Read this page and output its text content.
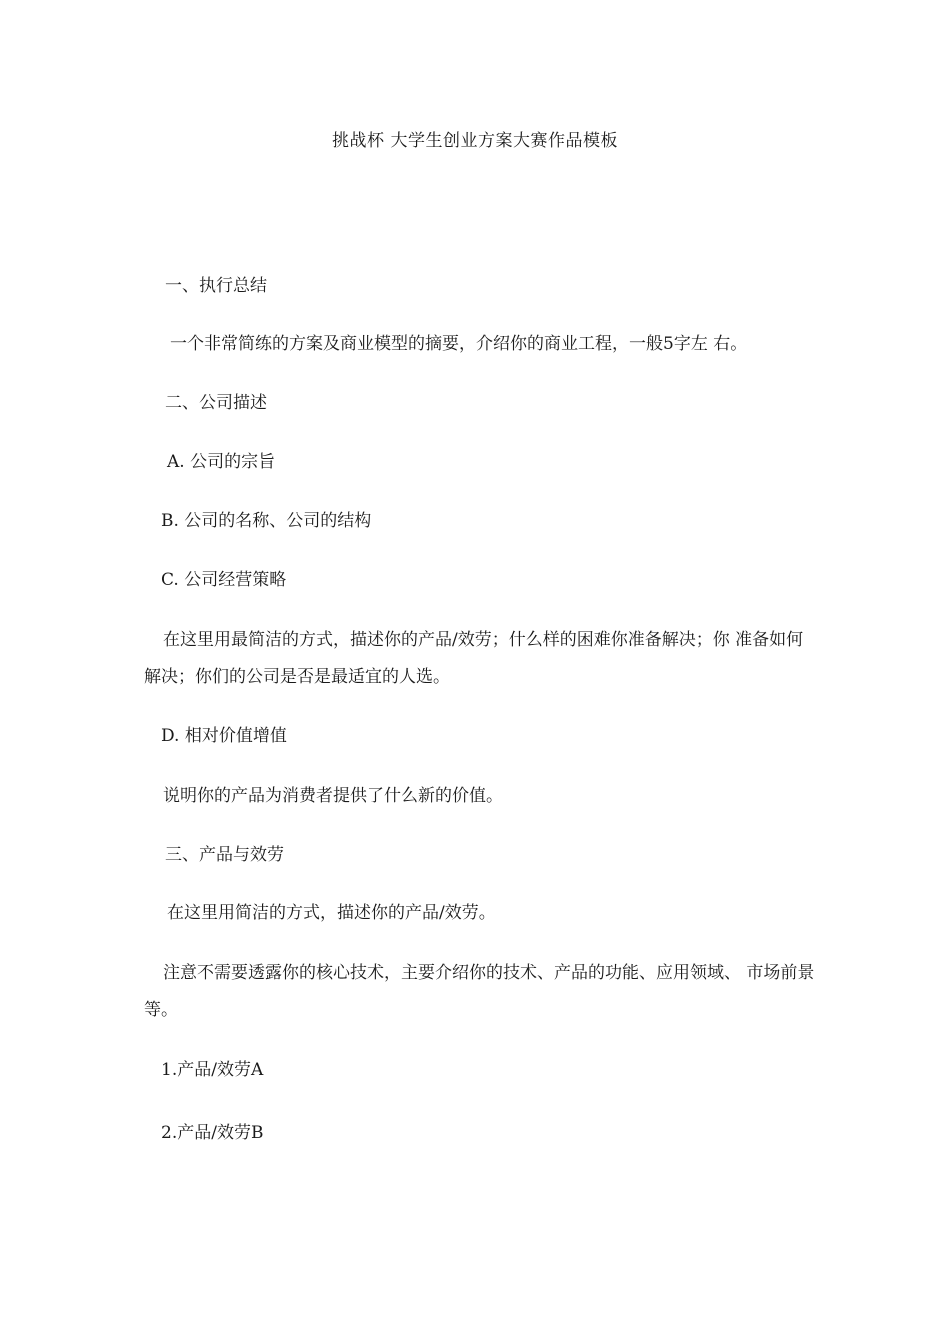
挑战杯 大学生创业方案大赛作品模板
一、执行总结
一个非常简练的方案及商业模型的摘要，介绍你的商业工程，一般5字左 右。
二、公司描述
A. 公司的宗旨
B. 公司的名称、公司的结构
C. 公司经营策略
在这里用最简洁的方式，描述你的产品/效劳；什么样的困难你准备解决；你 准备如何解决；你们的公司是否是最适宜的人选。
D. 相对价值增值
说明你的产品为消费者提供了什么新的价值。
三、产品与效劳
在这里用简洁的方式，描述你的产品/效劳。
注意不需要透露你的核心技术，主要介绍你的技术、产品的功能、应用领域、 市场前景等。
1.产品/效劳A
2.产品/效劳B
